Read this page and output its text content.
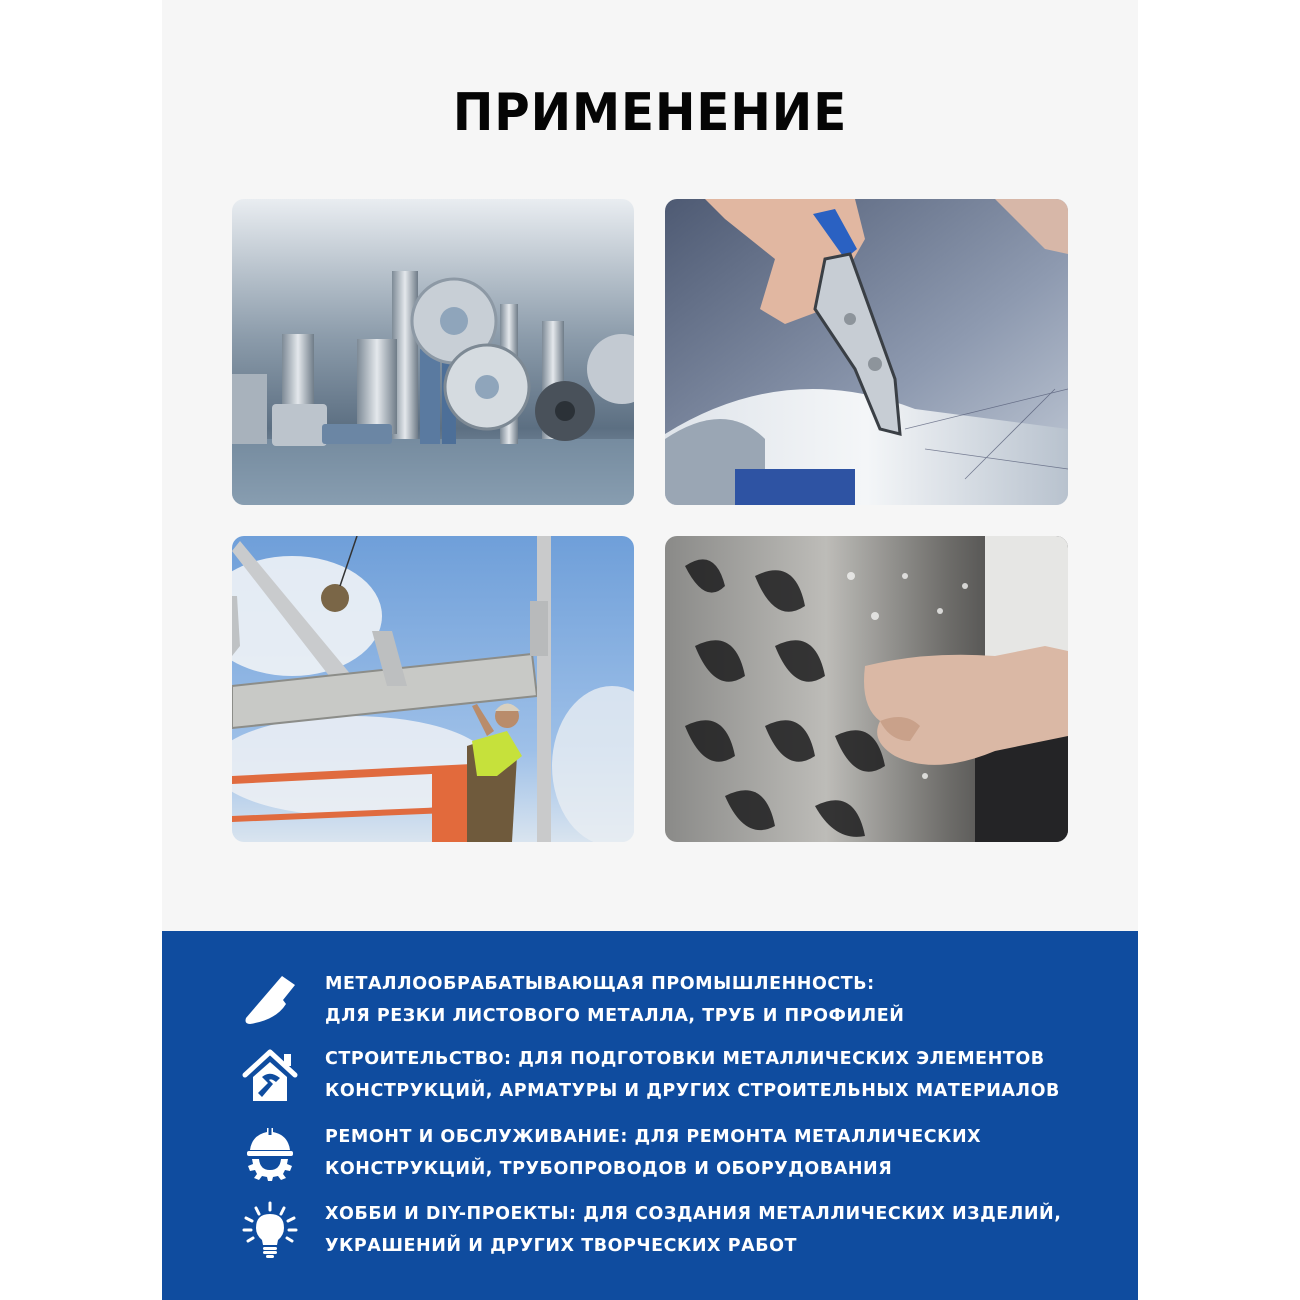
ПРИМЕНЕНИЕ
МЕТАЛЛООБРАБАТЫВАЮЩАЯ ПРОМЫШЛЕННОСТЬ:
ДЛЯ РЕЗКИ ЛИСТОВОГО МЕТАЛЛА, ТРУБ И ПРОФИЛЕЙ
СТРОИТЕЛЬСТВО: ДЛЯ ПОДГОТОВКИ МЕТАЛЛИЧЕСКИХ ЭЛЕМЕНТОВ
КОНСТРУКЦИЙ, АРМАТУРЫ И ДРУГИХ СТРОИТЕЛЬНЫХ МАТЕРИАЛОВ
РЕМОНТ И ОБСЛУЖИВАНИЕ: ДЛЯ РЕМОНТА МЕТАЛЛИЧЕСКИХ
КОНСТРУКЦИЙ, ТРУБОПРОВОДОВ И ОБОРУДОВАНИЯ
ХОББИ И DIY-ПРОЕКТЫ: ДЛЯ СОЗДАНИЯ МЕТАЛЛИЧЕСКИХ ИЗДЕЛИЙ,
УКРАШЕНИЙ И ДРУГИХ ТВОРЧЕСКИХ РАБОТ
